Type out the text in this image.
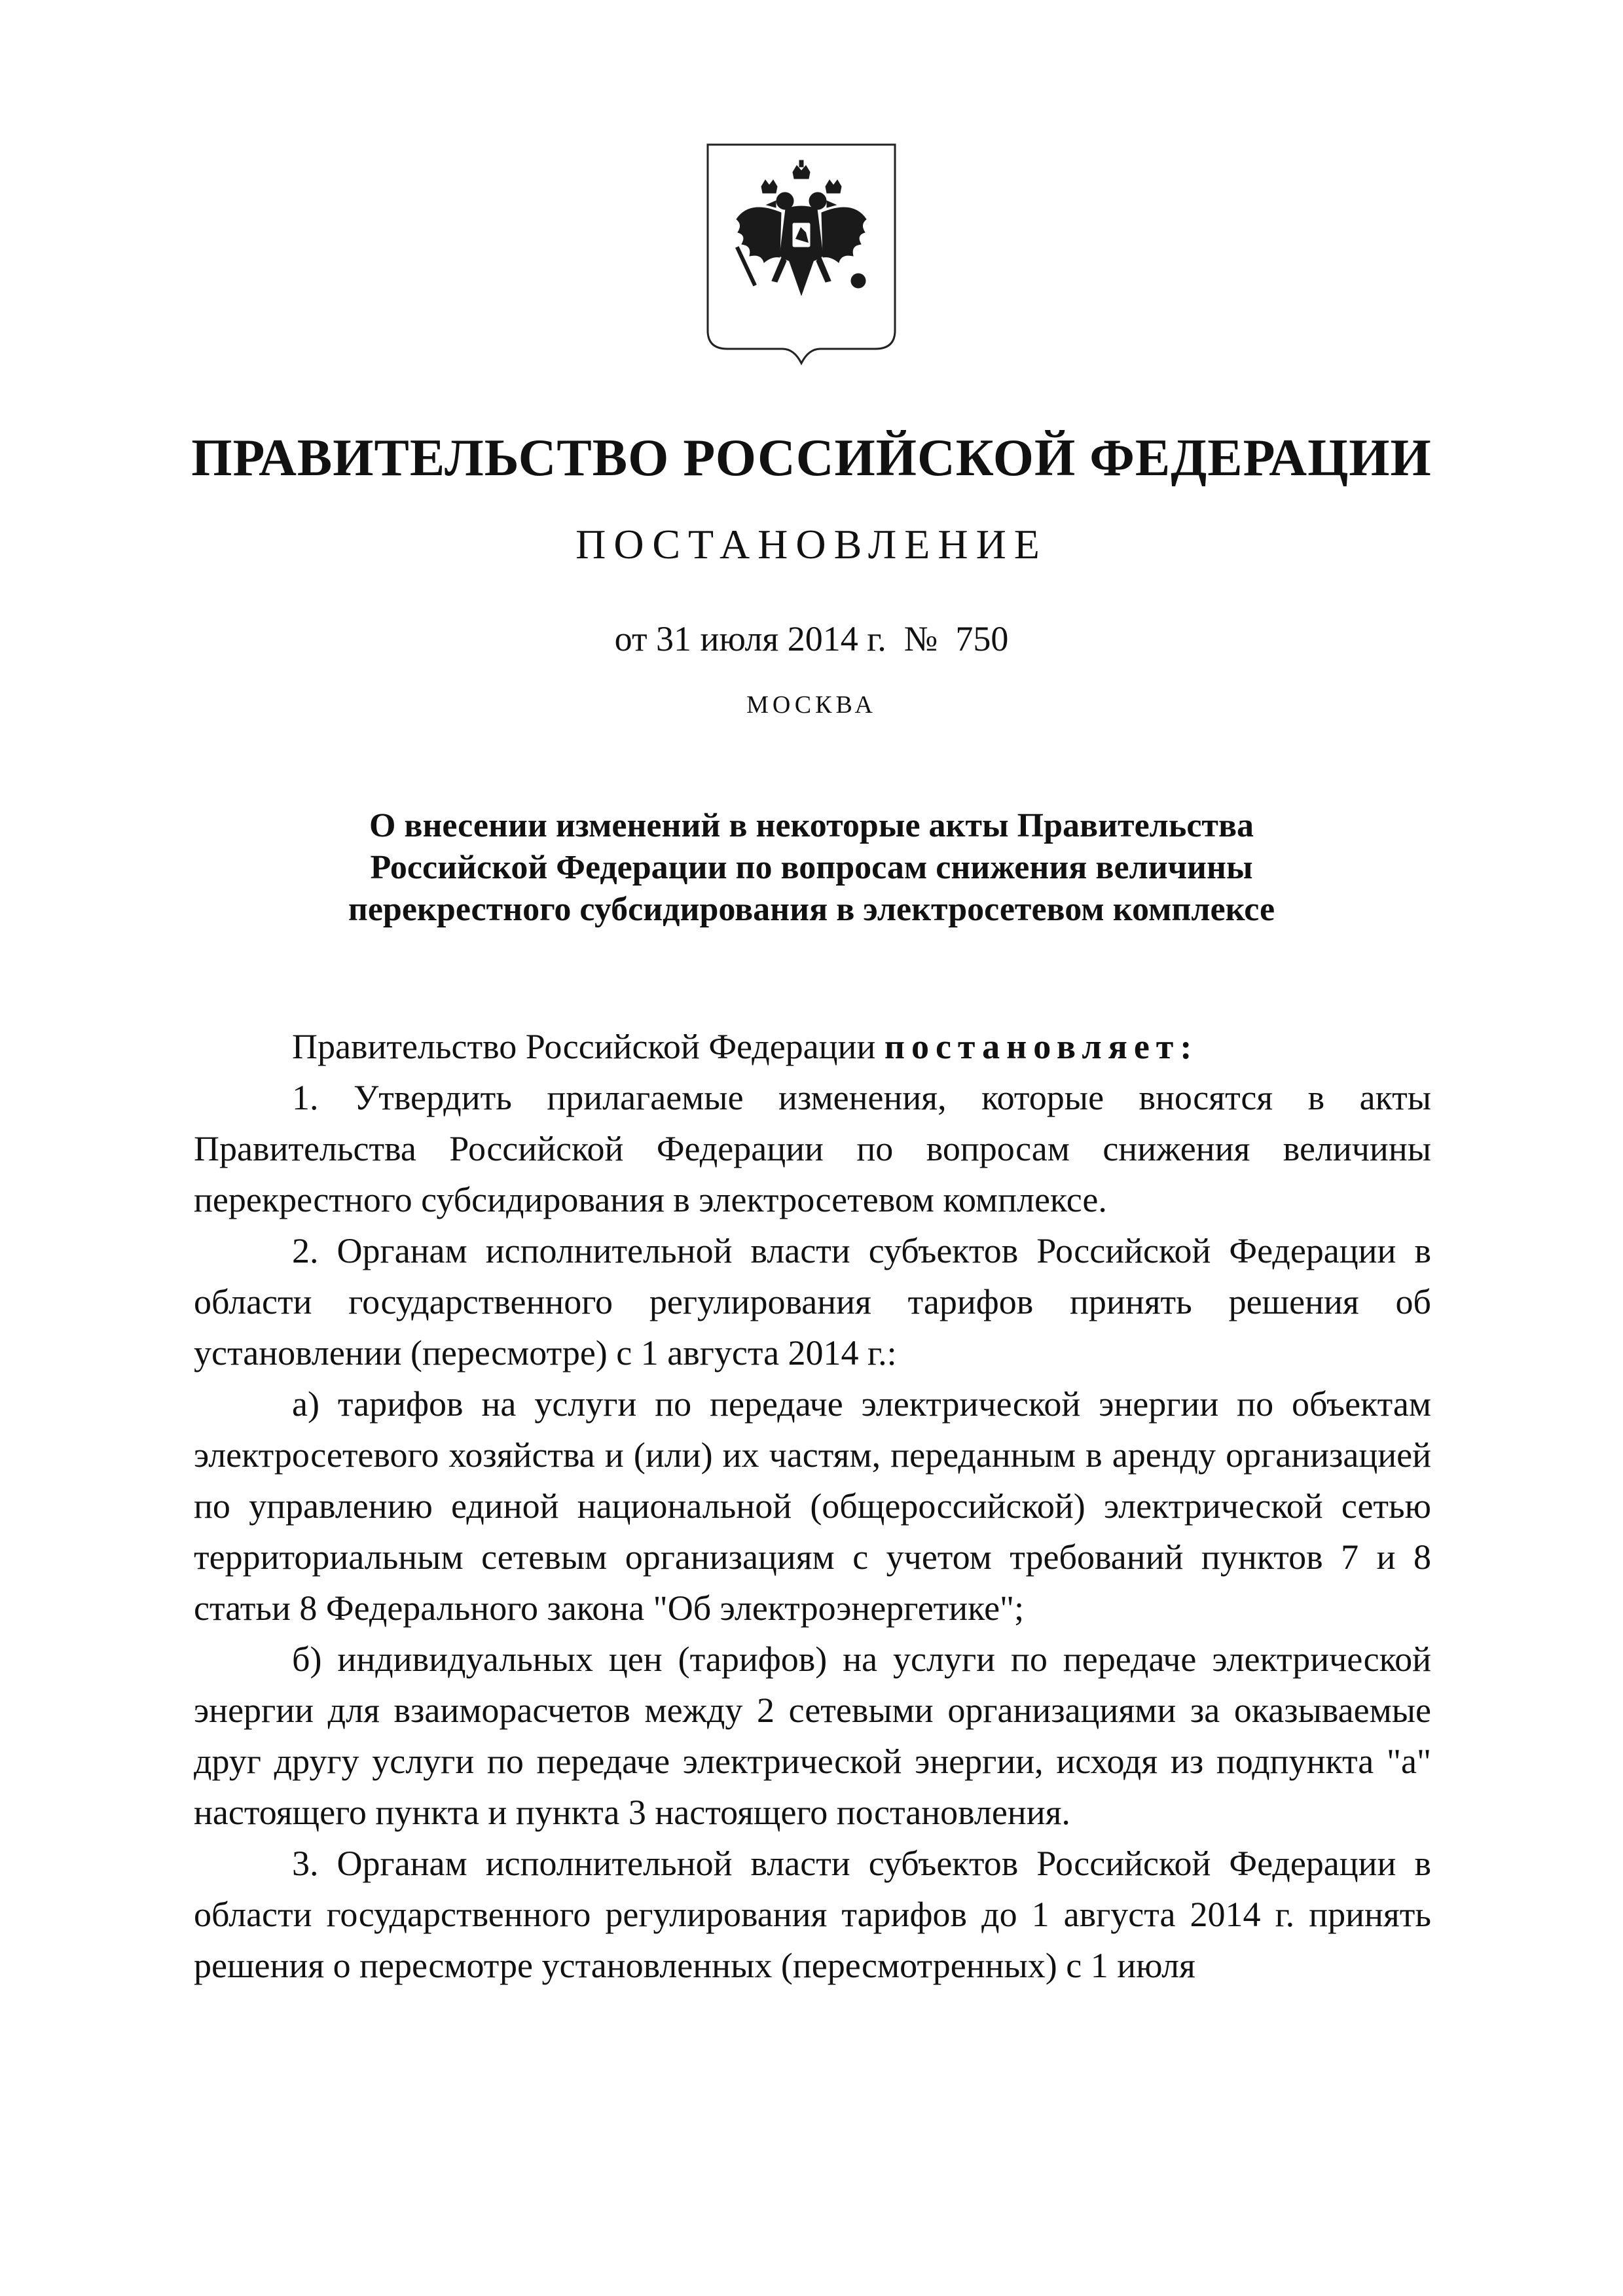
ПРАВИТЕЛЬСТВО РОССИЙСКОЙ ФЕДЕРАЦИИ
ПОСТАНОВЛЕНИЕ
от 31 июля 2014 г.  №  750
МОСКВА
О внесении изменений в некоторые акты Правительства
Российской Федерации по вопросам снижения величины
перекрестного субсидирования в электросетевом комплексе

Правительство Российской Федерации постановляет:

1. Утвердить прилагаемые изменения, которые вносятся в акты Правительства Российской Федерации по вопросам снижения величины перекрестного субсидирования в электросетевом комплексе.

2. Органам исполнительной власти субъектов Российской Федерации в области государственного регулирования тарифов принять решения об установлении (пересмотре) с 1 августа 2014 г.:

а) тарифов на услуги по передаче электрической энергии по объектам электросетевого хозяйства и (или) их частям, переданным в аренду организацией по управлению единой национальной (общероссийской) электрической сетью территориальным сетевым организациям с учетом требований пунктов 7 и 8 статьи 8 Федерального закона "Об электроэнергетике";

б) индивидуальных цен (тарифов) на услуги по передаче электрической энергии для взаиморасчетов между 2 сетевыми организациями за оказываемые друг другу услуги по передаче электрической энергии, исходя из подпункта "а" настоящего пункта и пункта 3 настоящего постановления.

3. Органам исполнительной власти субъектов Российской Федерации в области государственного регулирования тарифов до 1 августа 2014 г. принять решения о пересмотре установленных (пересмотренных) с 1 июля
